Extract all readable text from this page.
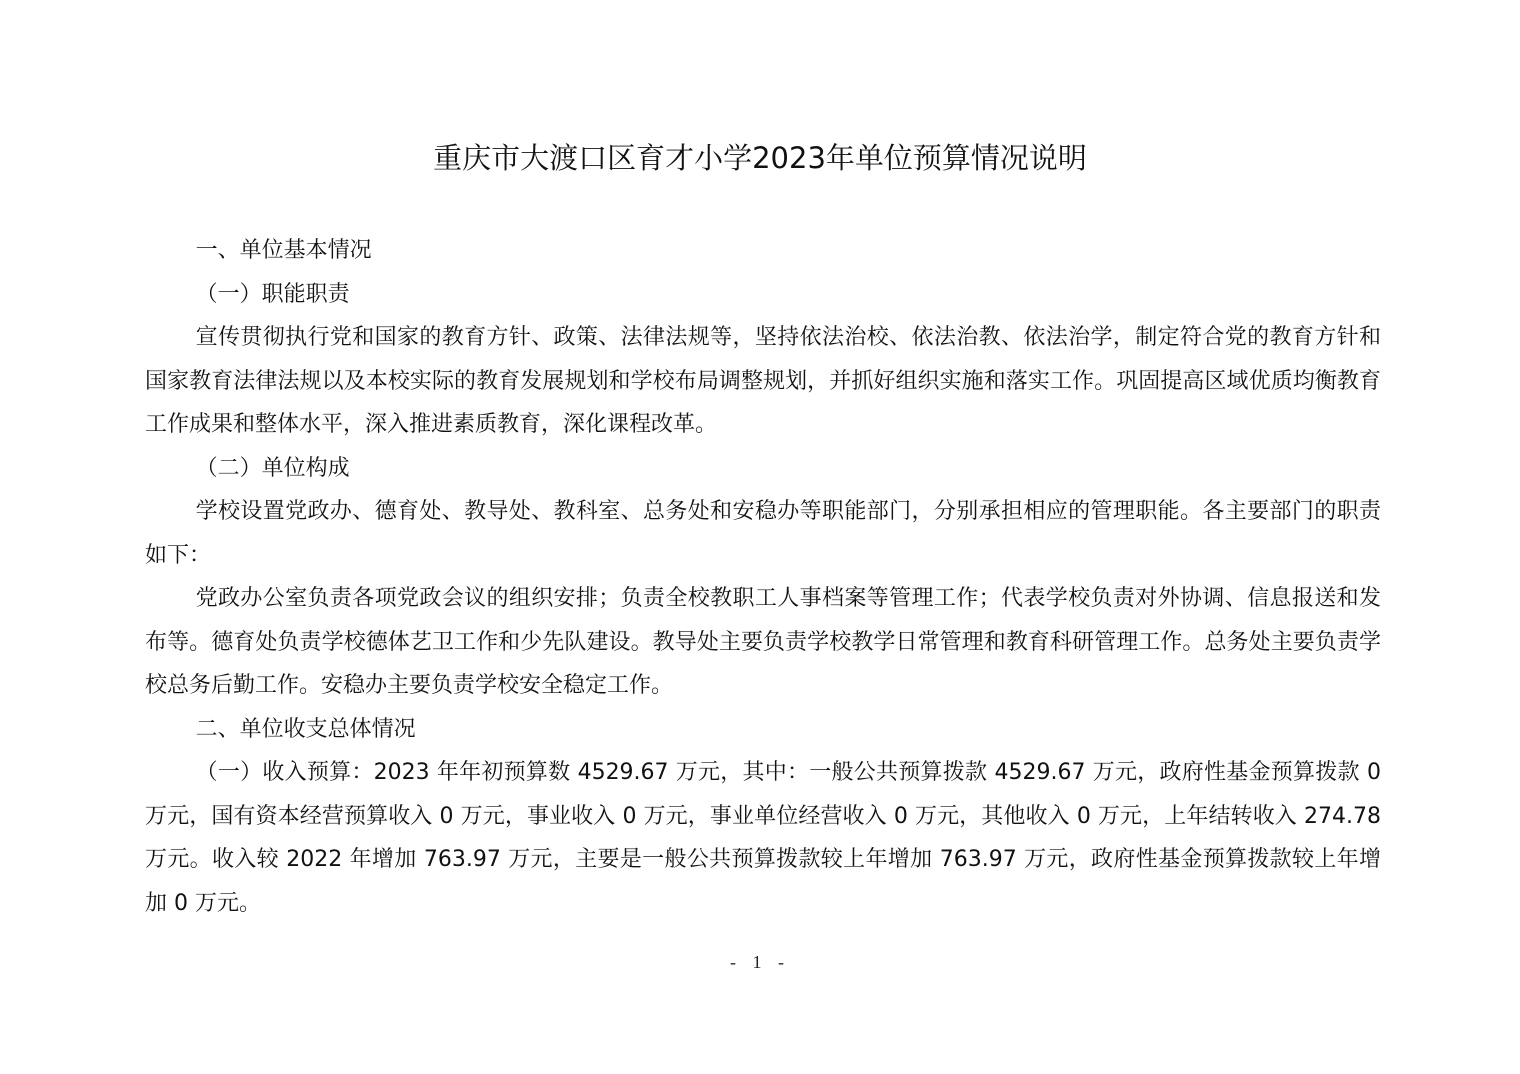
重庆市大渡口区育才小学2023年单位预算情况说明

一、单位基本情况

（一）职能职责

宣传贯彻执行党和国家的教育方针、政策、法律法规等，坚持依法治校、依法治教、依法治学，制定符合党的教育方针和国家教育法律法规以及本校实际的教育发展规划和学校布局调整规划，并抓好组织实施和落实工作。巩固提高区域优质均衡教育工作成果和整体水平，深入推进素质教育，深化课程改革。

（二）单位构成

学校设置党政办、德育处、教导处、教科室、总务处和安稳办等职能部门，分别承担相应的管理职能。各主要部门的职责如下：

党政办公室负责各项党政会议的组织安排；负责全校教职工人事档案等管理工作；代表学校负责对外协调、信息报送和发布等。德育处负责学校德体艺卫工作和少先队建设。教导处主要负责学校教学日常管理和教育科研管理工作。总务处主要负责学校总务后勤工作。安稳办主要负责学校安全稳定工作。

二、单位收支总体情况

（一）收入预算：2023 年年初预算数 4529.67 万元，其中：一般公共预算拨款 4529.67 万元，政府性基金预算拨款 0 万元，国有资本经营预算收入 0 万元，事业收入 0 万元，事业单位经营收入 0 万元，其他收入 0 万元，上年结转收入 274.78 万元。收入较 2022 年增加 763.97 万元，主要是一般公共预算拨款较上年增加 763.97 万元，政府性基金预算拨款较上年增加 0 万元。

- 1 -
